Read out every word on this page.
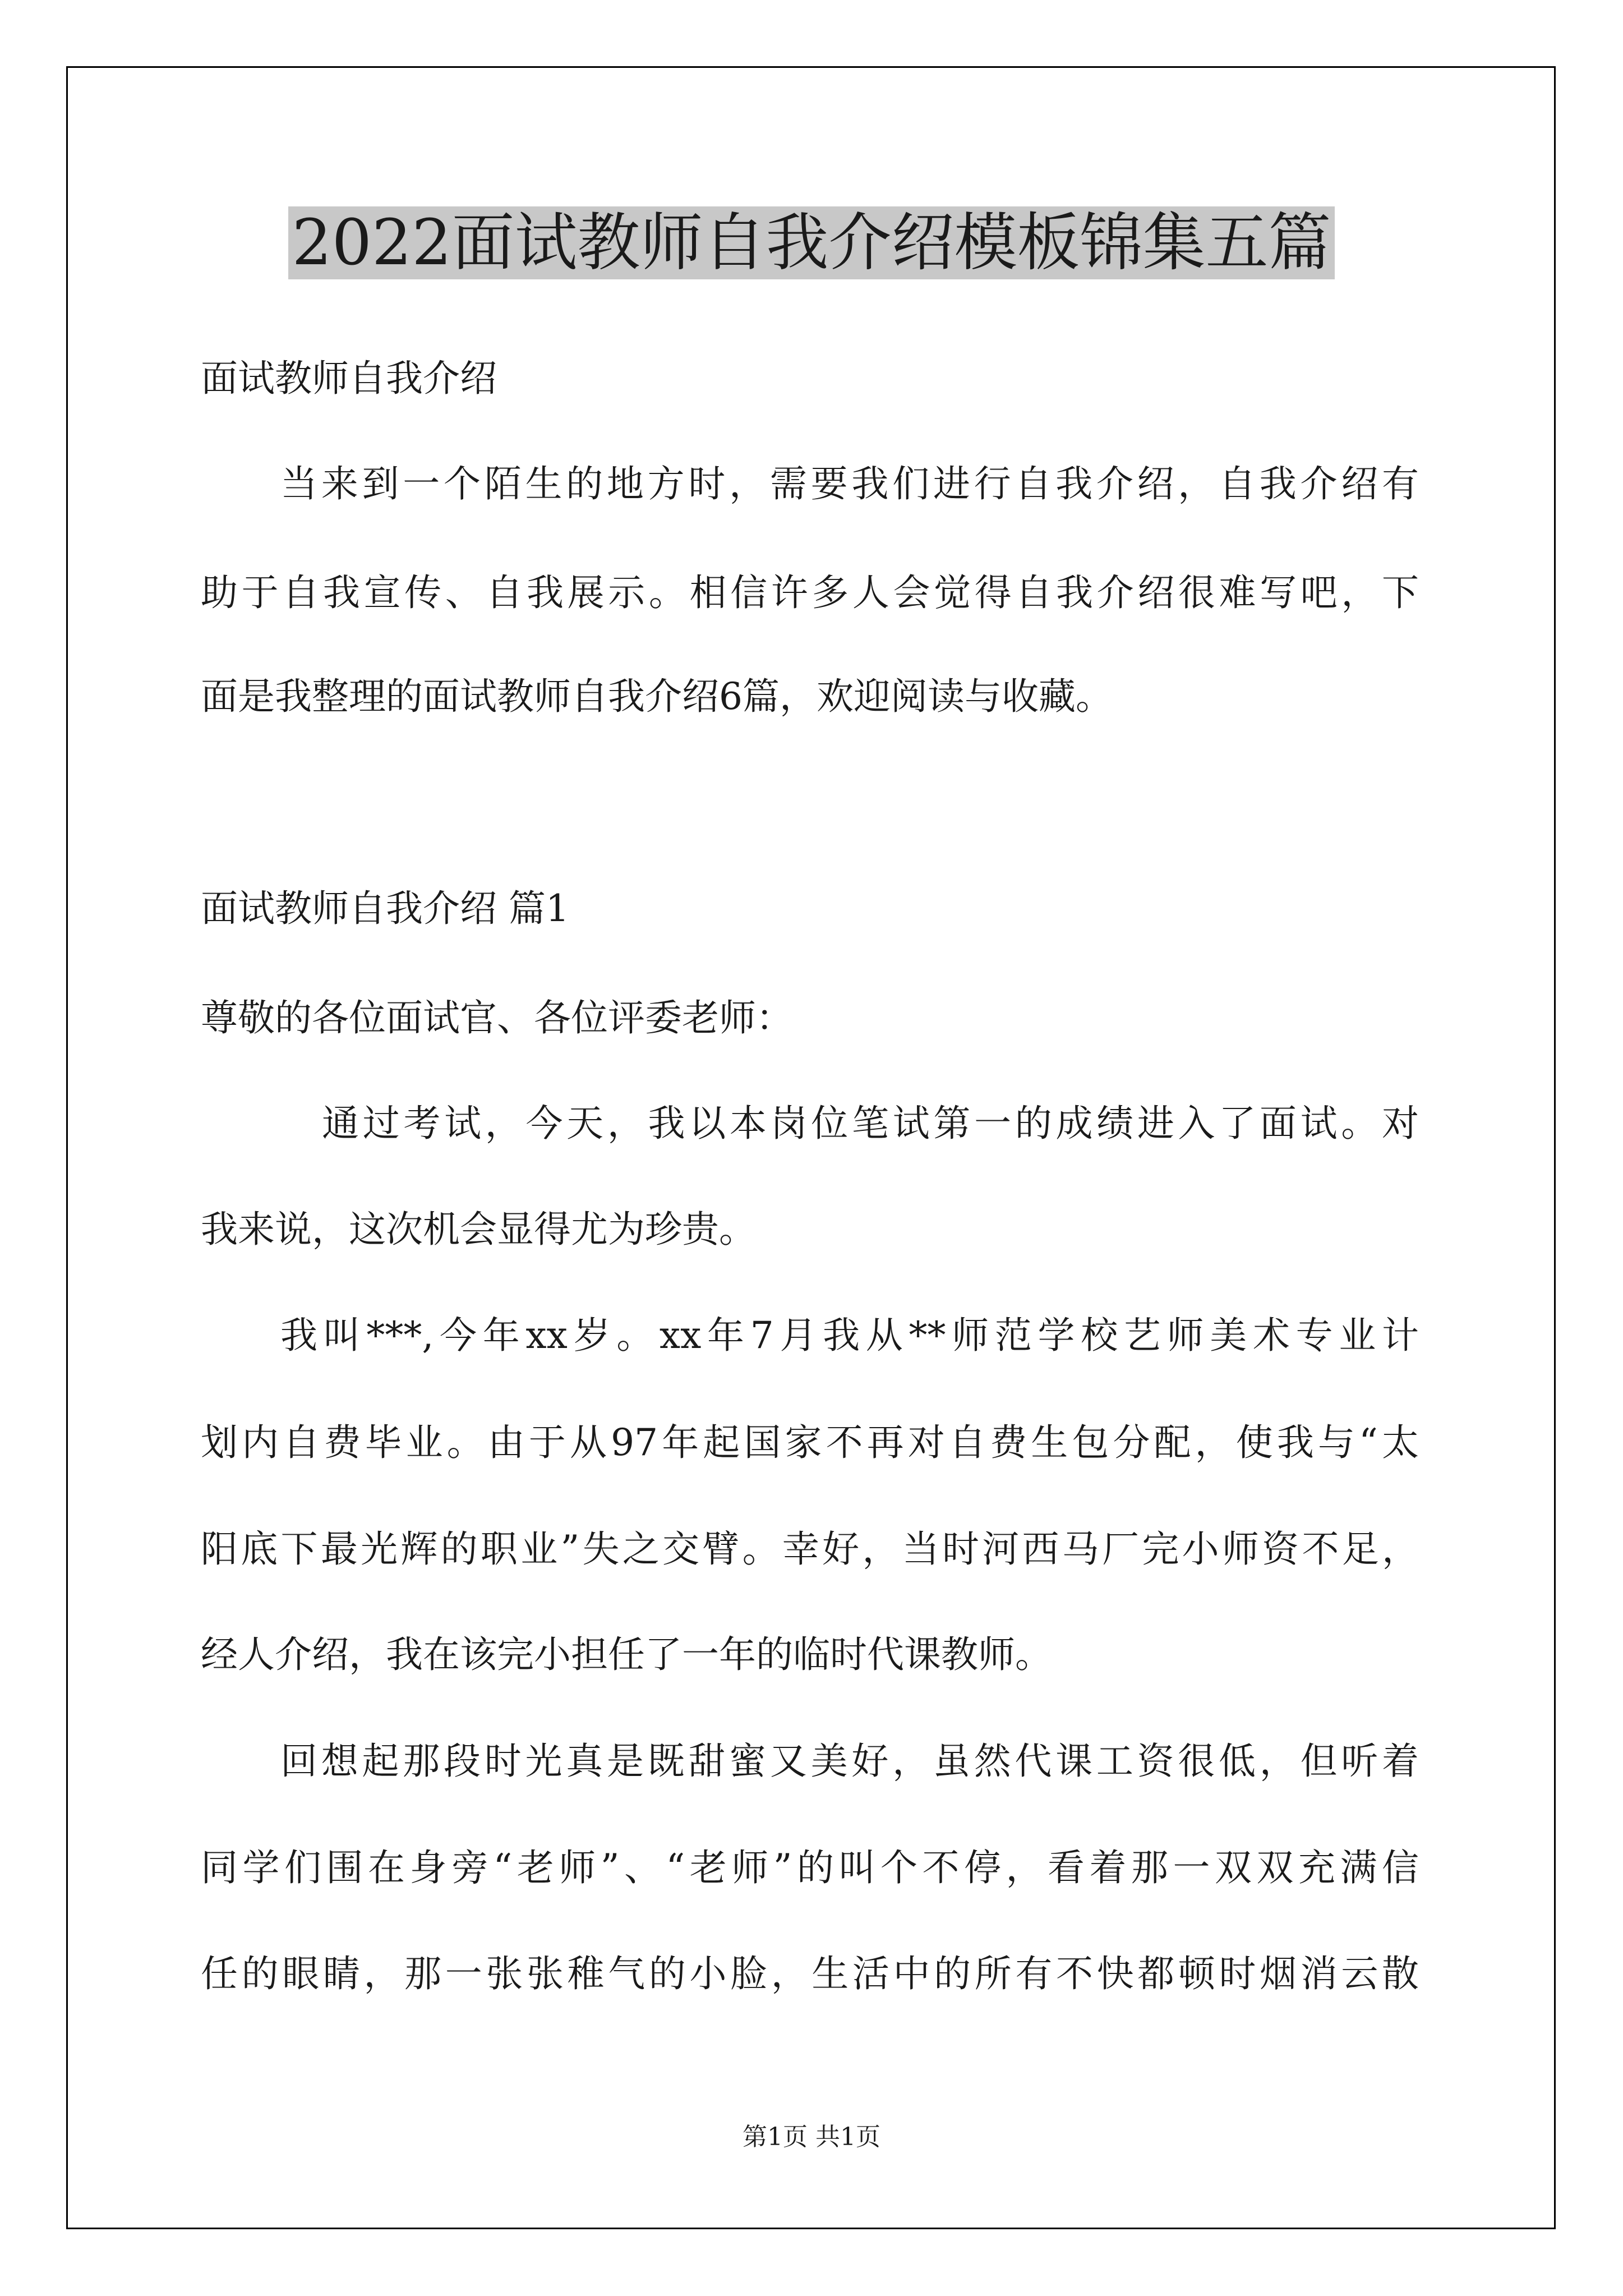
2022面试教师自我介绍模板锦集五篇
面试教师自我介绍
当来到一个陌生的地方时，需要我们进行自我介绍，自我介绍有
助于自我宣传、自我展示。相信许多人会觉得自我介绍很难写吧，下
面是我整理的面试教师自我介绍6篇，欢迎阅读与收藏。
面试教师自我介绍 篇1
尊敬的各位面试官、各位评委老师：
通过考试，今天，我以本岗位笔试第一的成绩进入了面试。对
我来说，这次机会显得尤为珍贵。
我叫***,今年xx岁。xx年7月我从**师范学校艺师美术专业计
划内自费毕业。由于从97年起国家不再对自费生包分配，使我与“太
阳底下最光辉的职业”失之交臂。幸好，当时河西马厂完小师资不足，
经人介绍，我在该完小担任了一年的临时代课教师。
回想起那段时光真是既甜蜜又美好，虽然代课工资很低，但听着
同学们围在身旁“老师”、“老师”的叫个不停，看着那一双双充满信
任的眼睛，那一张张稚气的小脸，生活中的所有不快都顿时烟消云散
第1页 共1页
